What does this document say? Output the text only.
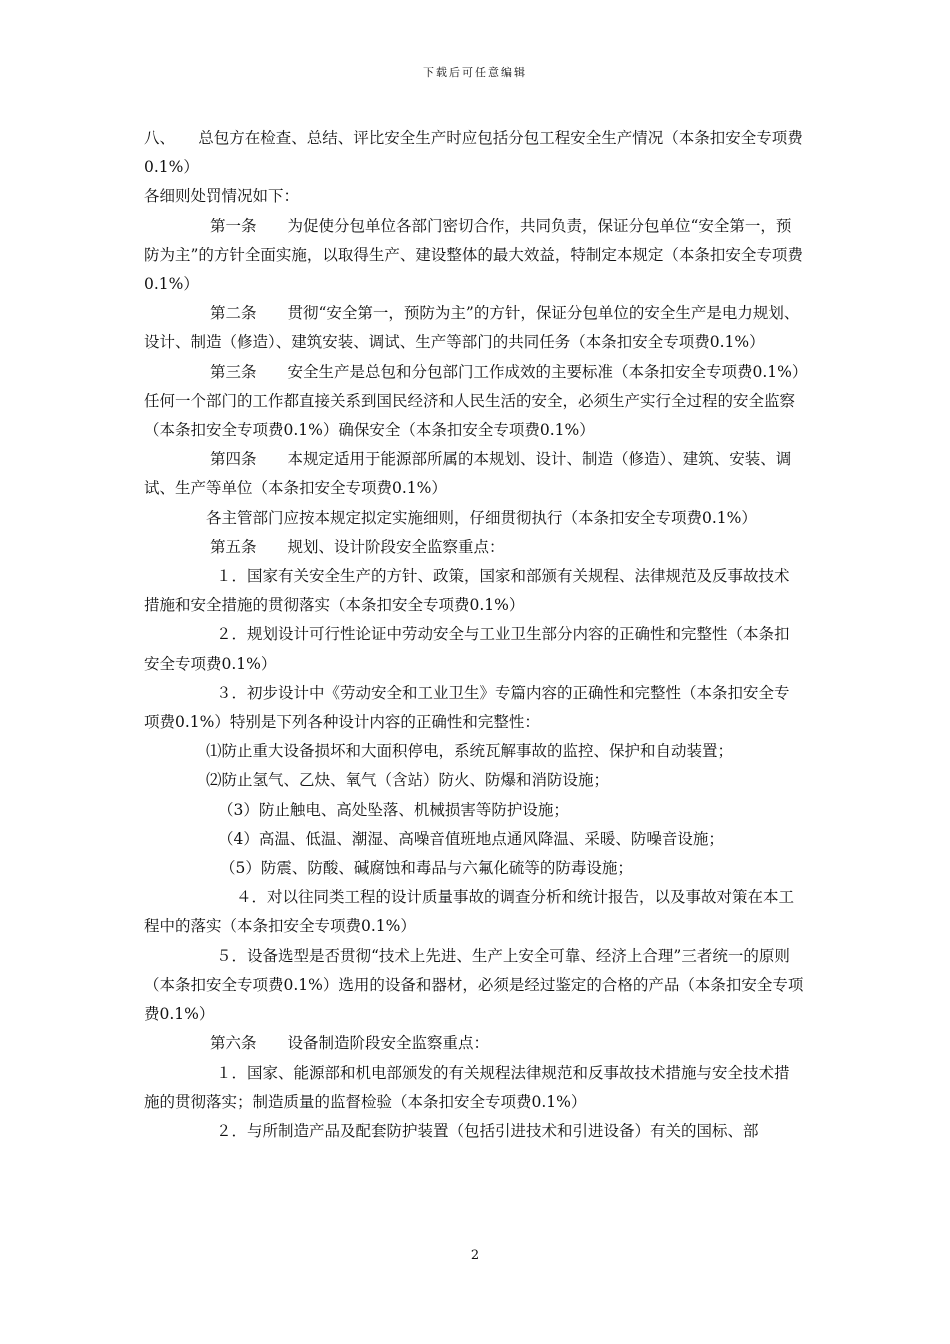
下载后可任意编辑

八、　　总包方在检查、总结、评比安全生产时应包括分包工程安全生产情况（本条扣安全专项费0.1%）

各细则处罚情况如下：

第一条　　为促使分包单位各部门密切合作，共同负责，保证分包单位“安全第一，预防为主”的方针全面实施，以取得生产、建设整体的最大效益，特制定本规定（本条扣安全专项费0.1%）

第二条　　贯彻“安全第一，预防为主”的方针，保证分包单位的安全生产是电力规划、设计、制造（修造）、建筑安装、调试、生产等部门的共同任务（本条扣安全专项费0.1%）

第三条　　安全生产是总包和分包部门工作成效的主要标准（本条扣安全专项费0.1%）任何一个部门的工作都直接关系到国民经济和人民生活的安全，必须生产实行全过程的安全监察（本条扣安全专项费0.1%）确保安全（本条扣安全专项费0.1%）

第四条　　本规定适用于能源部所属的本规划、设计、制造（修造）、建筑、安装、调试、生产等单位（本条扣安全专项费0.1%）

各主管部门应按本规定拟定实施细则，仔细贯彻执行（本条扣安全专项费0.1%）

第五条　　规划、设计阶段安全监察重点：

１．国家有关安全生产的方针、政策，国家和部颁有关规程、法律规范及反事故技术措施和安全措施的贯彻落实（本条扣安全专项费0.1%）

２．规划设计可行性论证中劳动安全与工业卫生部分内容的正确性和完整性（本条扣安全专项费0.1%）

３．初步设计中《劳动安全和工业卫生》专篇内容的正确性和完整性（本条扣安全专项费0.1%）特别是下列各种设计内容的正确性和完整性：

⑴防止重大设备损坏和大面积停电，系统瓦解事故的监控、保护和自动装置；

⑵防止氢气、乙炔、氧气（含站）防火、防爆和消防设施；

（3）防止触电、高处坠落、机械损害等防护设施；

（4）高温、低温、潮湿、高噪音值班地点通风降温、采暖、防噪音设施；

（5）防震、防酸、碱腐蚀和毒品与六氟化硫等的防毒设施；

４．对以往同类工程的设计质量事故的调查分析和统计报告，以及事故对策在本工程中的落实（本条扣安全专项费0.1%）

５．设备选型是否贯彻“技术上先进、生产上安全可靠、经济上合理”三者统一的原则（本条扣安全专项费0.1%）选用的设备和器材，必须是经过鉴定的合格的产品（本条扣安全专项费0.1%）

第六条　　设备制造阶段安全监察重点：

１．国家、能源部和机电部颁发的有关规程法律规范和反事故技术措施与安全技术措施的贯彻落实；制造质量的监督检验（本条扣安全专项费0.1%）

２．与所制造产品及配套防护装置（包括引进技术和引进设备）有关的国标、部

2
